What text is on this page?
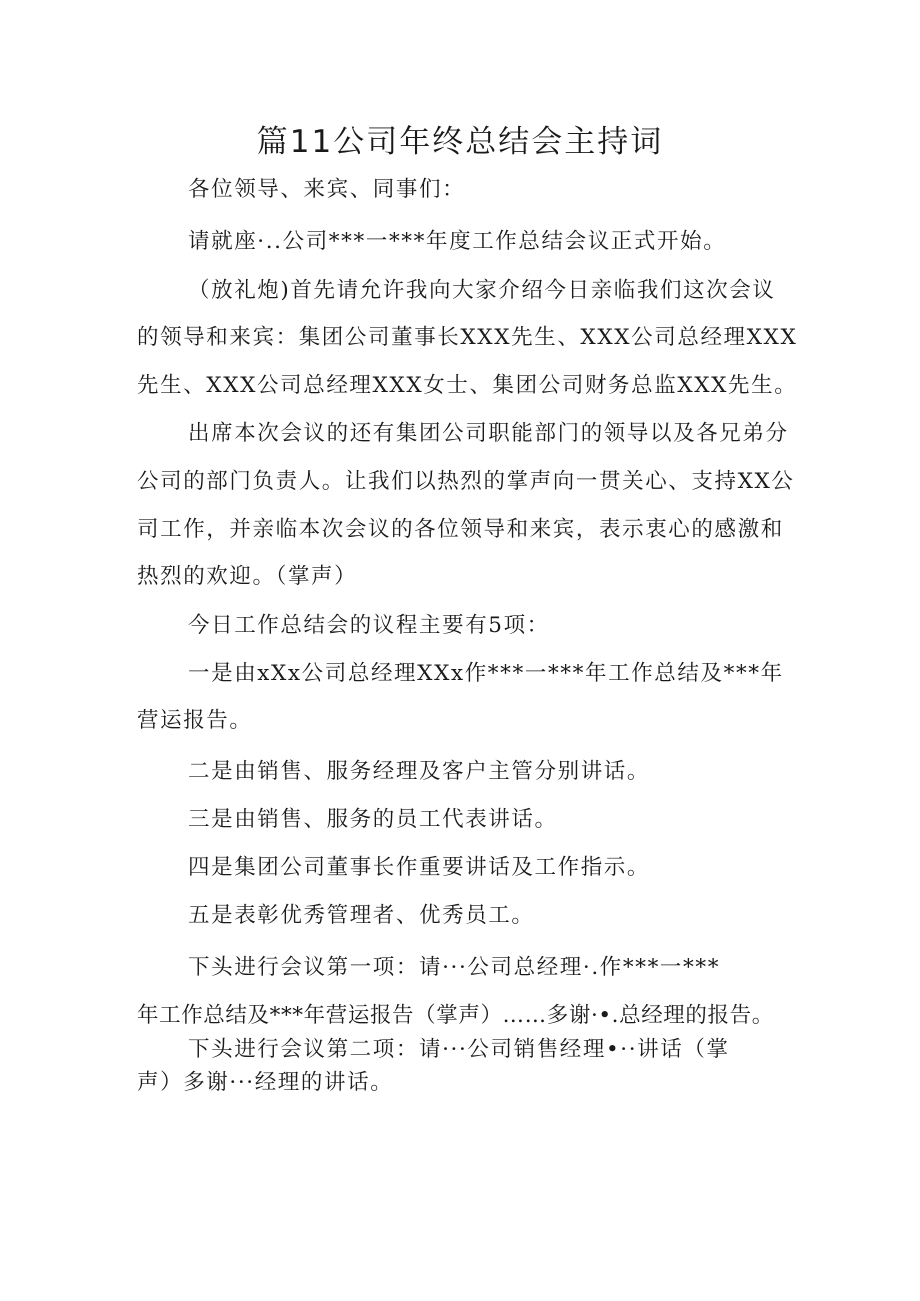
篇11公司年终总结会主持词
各位领导、来宾、同事们：
请就座·..公司***一***年度工作总结会议正式开始。
（放礼炮)首先请允许我向大家介绍今日亲临我们这次会议
的领导和来宾：集团公司董事长XXX先生、XXX公司总经理XXX
先生、XXX公司总经理XXX女士、集团公司财务总监XXX先生。
出席本次会议的还有集团公司职能部门的领导以及各兄弟分
公司的部门负责人。让我们以热烈的掌声向一贯关心、支持XX公
司工作，并亲临本次会议的各位领导和来宾，表示衷心的感激和
热烈的欢迎。（掌声）
今日工作总结会的议程主要有5项：
一是由xXx公司总经理XXx作***一***年工作总结及***年
营运报告。
二是由销售、服务经理及客户主管分别讲话。
三是由销售、服务的员工代表讲话。
四是集团公司董事长作重要讲话及工作指示。
五是表彰优秀管理者、优秀员工。
下头进行会议第一项：请···公司总经理·.作***一***
年工作总结及***年营运报告（掌声）……多谢·•.总经理的报告。
下头进行会议第二项：请···公司销售经理•··讲话（掌
声）多谢···经理的讲话。
